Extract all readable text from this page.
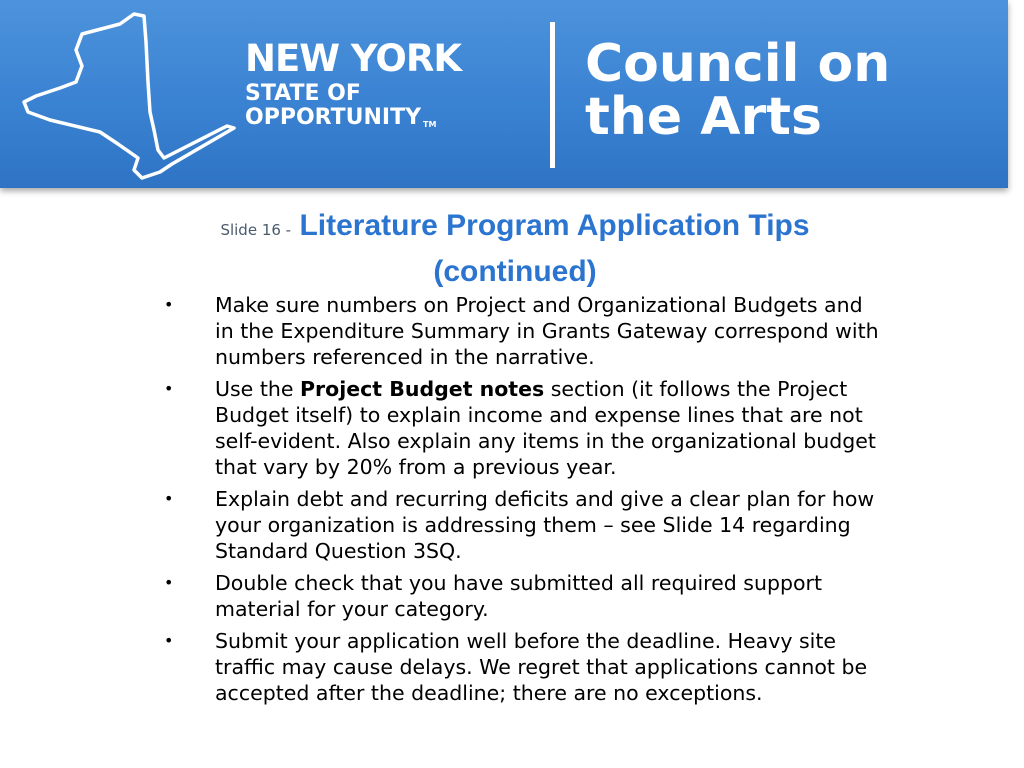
NEW YORK
STATE OF
OPPORTUNITY TM
Council on
the Arts
Slide 16 - Literature Program Application Tips (continued)
•	Make sure numbers on Project and Organizational Budgets and in the Expenditure Summary in Grants Gateway correspond with numbers referenced in the narrative.
•	Use the Project Budget notes section (it follows the Project Budget itself) to explain income and expense lines that are not self-evident. Also explain any items in the organizational budget that vary by 20% from a previous year.
•	Explain debt and recurring deficits and give a clear plan for how your organization is addressing them – see Slide 14 regarding Standard Question 3SQ.
•	Double check that you have submitted all required support material for your category.
•	Submit your application well before the deadline. Heavy site traffic may cause delays. We regret that applications cannot be accepted after the deadline; there are no exceptions.
